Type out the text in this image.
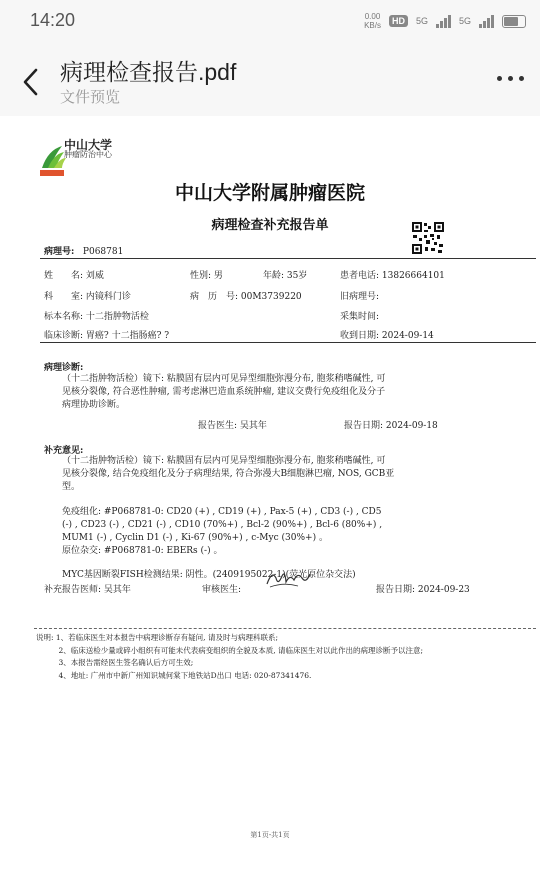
14:20	0.00
KB/s	HD	5G	5G
病理检查报告.pdf
文件预览
中山大学
肿瘤防治中心
中山大学附属肿瘤医院
病理检查补充报告单
病理号: P068781
姓　　名: 刘威	性别: 男	年龄: 35岁	患者电话: 13826664101
科　　室: 内镜科门诊	病　历　号: 00M3739220	旧病理号:
标本名称: 十二指肿物活检	采集时间:
临床诊断: 胃癌? 十二指肠癌? ?	收到日期: 2024-09-14
病理诊断:
（十二指肿物活检）镜下: 粘膜固有层内可见异型细胞弥漫分布, 胞浆稍嗜碱性, 可
见核分裂像, 符合恶性肿瘤, 需考虑淋巴造血系统肿瘤, 建议交费行免疫组化及分子
病理协助诊断。
报告医生: 吴其年	报告日期: 2024-09-18
补充意见:
（十二指肿物活检）镜下: 粘膜固有层内可见异型细胞弥漫分布, 胞浆稍嗜碱性, 可
见核分裂像, 结合免疫组化及分子病理结果, 符合弥漫大B细胞淋巴瘤, NOS, GCB亚
型。
免疫组化: #P068781-0: CD20 (+) , CD19 (+) , Pax-5 (+) , CD3 (-) , CD5
(-) , CD23 (-) , CD21 (-) , CD10 (70%+) , Bcl-2 (90%+) , Bcl-6 (80%+) ,
MUM1 (-) , Cyclin D1 (-) , Ki-67 (90%+) , c-Myc (30%+) 。
原位杂交: #P068781-0: EBERs (-) 。
MYC基因断裂FISH检测结果: 阴性。(2409195022-1)(荧光原位杂交法)
补充报告医师: 吴其年	审核医生:	报告日期: 2024-09-23
说明: 1、若临床医生对本报告中病理诊断存有疑问, 请及时与病理科联系;
　　　2、临床送检少量或碎小组织有可能未代表病变组织的全貌及本质, 请临床医生对以此作出的病理诊断予以注意;
　　　3、本报告需经医生签名确认后方可生效;
　　　4、地址: 广州市中新广州知识城何棠下地铁站D出口 电话: 020-87341476.
第1页-共1页
